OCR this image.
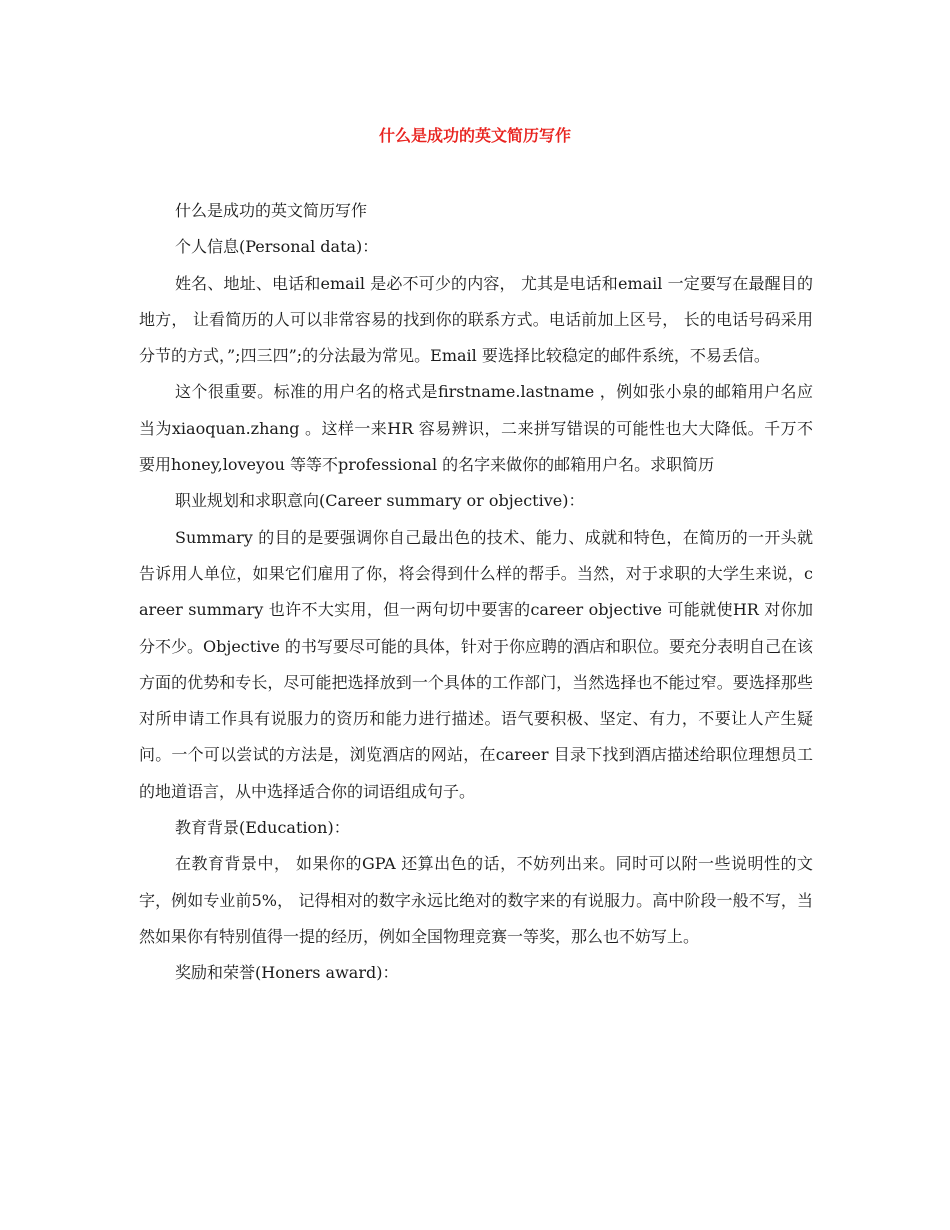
什么是成功的英文简历写作

什么是成功的英文简历写作

个人信息(Personal data)：

姓名、地址、电话和email 是必不可少的内容， 尤其是电话和email 一定要写在最醒目的地方， 让看简历的人可以非常容易的找到你的联系方式。电话前加上区号， 长的电话号码采用分节的方式，”;四三四”;的分法最为常见。Email 要选择比较稳定的邮件系统，不易丢信。

这个很重要。标准的用户名的格式是firstname.lastname ，例如张小泉的邮箱用户名应当为xiaoquan.zhang 。这样一来HR 容易辨识，二来拼写错误的可能性也大大降低。千万不要用honey,loveyou 等等不professional 的名字来做你的邮箱用户名。求职简历

职业规划和求职意向(Career summary or objective)：

Summary 的目的是要强调你自己最出色的技术、能力、成就和特色，在简历的一开头就告诉用人单位，如果它们雇用了你，将会得到什么样的帮手。当然，对于求职的大学生来说，career summary 也许不大实用，但一两句切中要害的career objective 可能就使HR 对你加分不少。Objective 的书写要尽可能的具体，针对于你应聘的酒店和职位。要充分表明自己在该方面的优势和专长，尽可能把选择放到一个具体的工作部门，当然选择也不能过窄。要选择那些对所申请工作具有说服力的资历和能力进行描述。语气要积极、坚定、有力，不要让人产生疑问。一个可以尝试的方法是，浏览酒店的网站，在career 目录下找到酒店描述给职位理想员工的地道语言，从中选择适合你的词语组成句子。

教育背景(Education)：

在教育背景中， 如果你的GPA 还算出色的话，不妨列出来。同时可以附一些说明性的文字，例如专业前5%， 记得相对的数字永远比绝对的数字来的有说服力。高中阶段一般不写，当然如果你有特别值得一提的经历，例如全国物理竞赛一等奖，那么也不妨写上。

奖励和荣誉(Honers award)：
